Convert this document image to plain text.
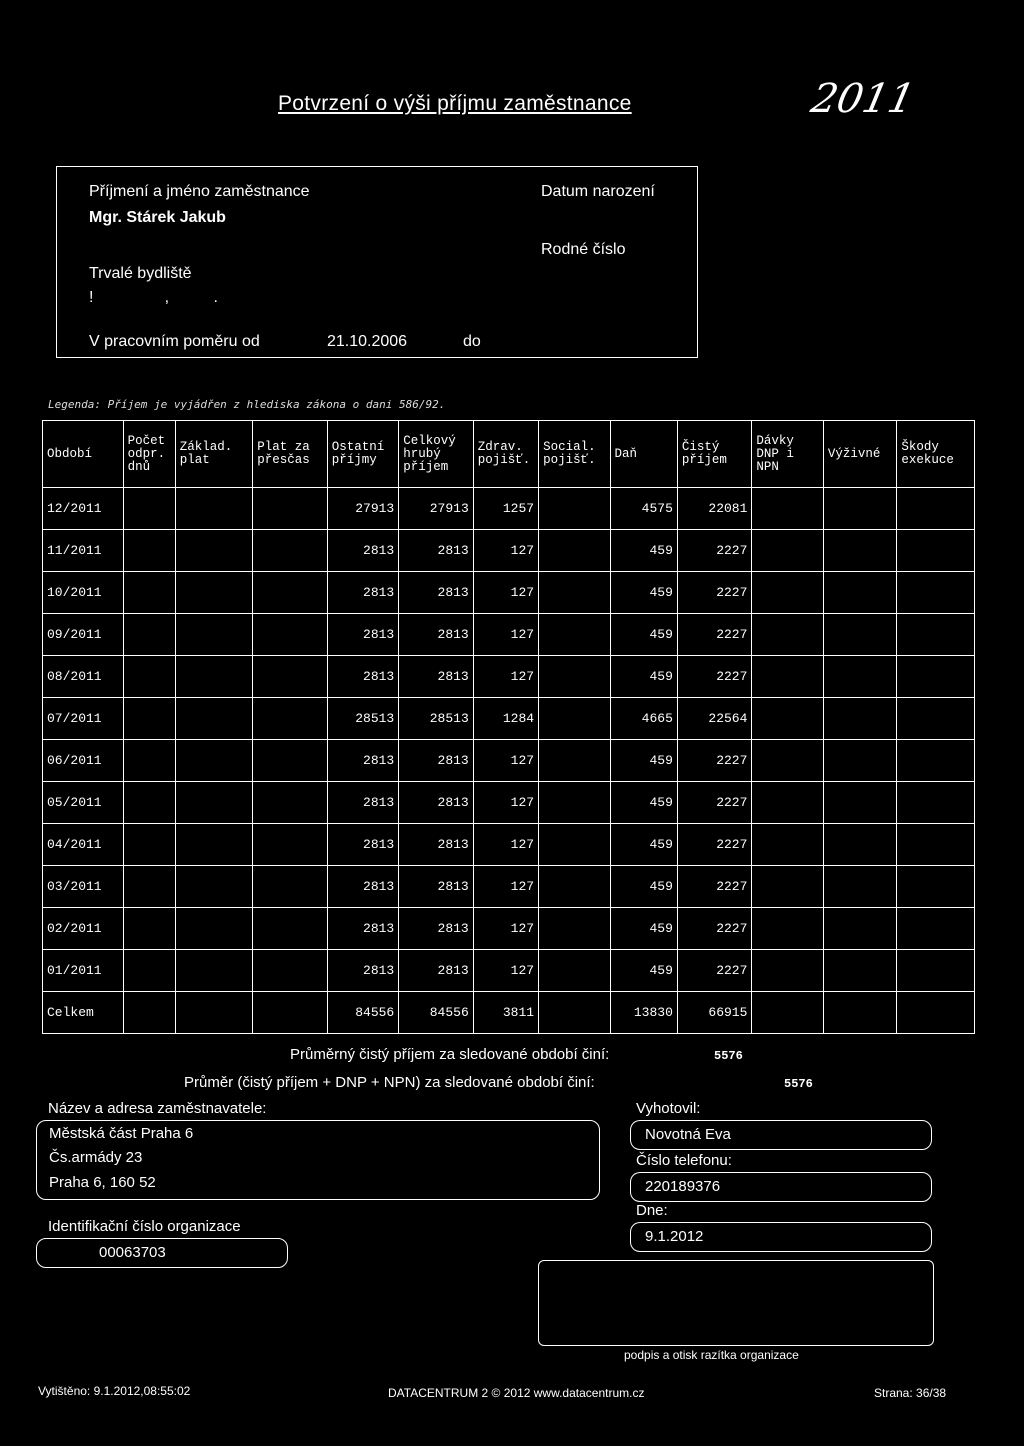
Potvrzení o výši příjmu zaměstnance	2011
Příjmení a jméno zaměstnance
Mgr. Stárek Jakub
Datum narození
Rodné číslo
Trvalé bydliště
!                ,          .
V pracovním poměru od	21.10.2006	do
Legenda: Příjem je vyjádřen z hlediska zákona o dani 586/92.
Období	Počet odpr. dnů	Základ. plat	Plat za přesčas	Ostatní příjmy	Celkový hrubý příjem	Zdrav. pojišť.	Social. pojišť.	Daň	Čistý příjem	Dávky DNP i NPN	Výživné	Škody exekuce
12/2011				27913	27913	1257		4575	22081			
11/2011				2813	2813	127		459	2227			
10/2011				2813	2813	127		459	2227			
09/2011				2813	2813	127		459	2227			
08/2011				2813	2813	127		459	2227			
07/2011				28513	28513	1284		4665	22564			
06/2011				2813	2813	127		459	2227			
05/2011				2813	2813	127		459	2227			
04/2011				2813	2813	127		459	2227			
03/2011				2813	2813	127		459	2227			
02/2011				2813	2813	127		459	2227			
01/2011				2813	2813	127		459	2227			
Celkem				84556	84556	3811		13830	66915			
Průměrný čistý příjem za sledované období činí:	5576
Průměr (čistý příjem + DNP + NPN) za sledované období činí:	5576
Název a adresa zaměstnavatele:
Městská část Praha 6
Čs.armády 23
Praha 6, 160 52
Identifikační číslo organizace
00063703
Vyhotovil:
Novotná Eva
Číslo telefonu:
220189376
Dne:
9.1.2012
podpis a otisk razítka organizace
Vytištěno: 9.1.2012,08:55:02	DATACENTRUM 2 © 2012 www.datacentrum.cz	Strana: 36/38
